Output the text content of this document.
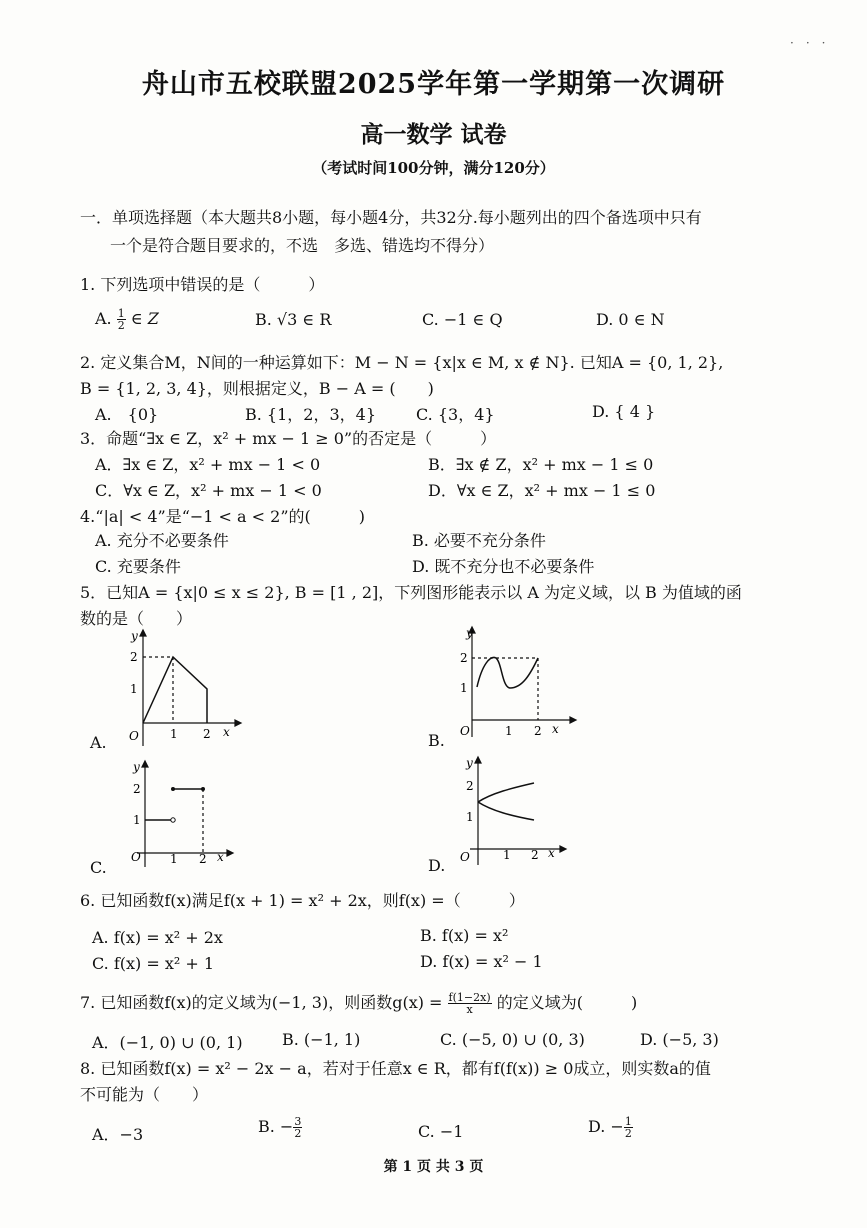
·　·　·
舟山市五校联盟2025学年第一学期第一次调研
高一数学 试卷
（考试时间100分钟，满分120分）
一．单项选择题（本大题共8小题，每小题4分，共32分.每小题列出的四个备选项中只有
一个是符合题目要求的，不选　多选、错选均不得分）
1. 下列选项中错误的是（　　　）
A. $\frac{1}{2}$ ∈ Z	B. √3 ∈ R	C. −1 ∈ Q	D. 0 ∈ N
2. 定义集合M，N间的一种运算如下：M − N = {x|x ∈ M, x ∉ N}. 已知A = {0, 1, 2},
B = {1, 2, 3, 4}，则根据定义，B − A = (　　)
A.　{0}	B. {1，2，3，4} C. {3，4}	D. { 4 }
3．命题“∃x ∈ Z，x² + mx − 1 ≥ 0”的否定是（　　　）
A．∃x ∈ Z，x² + mx − 1 < 0	B．∃x ∉ Z，x² + mx − 1 ≤ 0
C．∀x ∈ Z，x² + mx − 1 < 0	D．∀x ∈ Z，x² + mx − 1 ≤ 0
4.“|a| < 4”是“−1 < a < 2”的(　　　)
A. 充分不必要条件	B. 必要不充分条件
C. 充要条件	D. 既不充分也不必要条件
5．已知A = {x|0 ≤ x ≤ 2}, B = [1 , 2]，下列图形能表示以 A 为定义域，以 B 为值域的函
数的是（　　）
A.
y
2
1
O	1 2 x	B.
y
2
1
O	1 2 x
C.
y
2
1
O 1 2 x	D.
y
2
1
O	1 2 x
6. 已知函数f(x)满足f(x + 1) = x² + 2x，则f(x) =（　　　）
A. f(x) = x² + 2x	B. f(x) = x²
C. f(x) = x² + 1	D. f(x) = x² − 1
7. 已知函数f(x)的定义域为(−1, 3)，则函数$g(x) = \frac{f(1-2x)}{x}$ 的定义域为(　　　)
A．(−1, 0) ∪ (0, 1) B. (−1, 1)	C. (−5, 0) ∪ (0, 3)	D. (−5, 3)
8. 已知函数f(x) = x² − 2x − a，若对于任意x ∈ R，都有f(f(x)) ≥ 0成立，则实数a的值
不可能为（　　）
A．−3	B. − $\frac{3}{2}$	C. −1	D. − $\frac{1}{2}$
第 1 页 共 3 页
